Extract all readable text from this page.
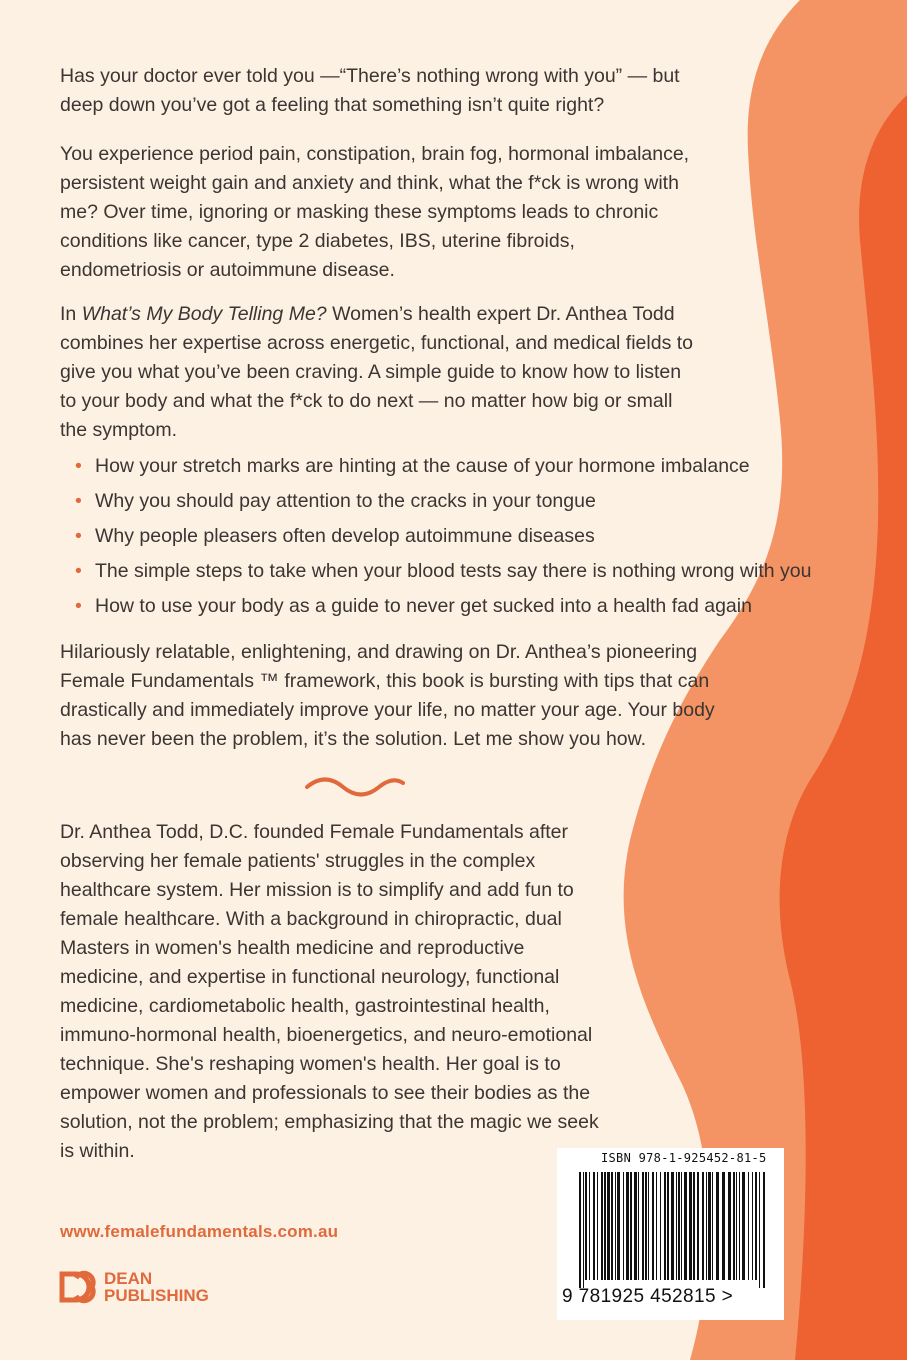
Has your doctor ever told you —“There’s nothing wrong with you” — but deep down you’ve got a feeling that something isn’t quite right?

You experience period pain, constipation, brain fog, hormonal imbalance, persistent weight gain and anxiety and think, what the f*ck is wrong with me? Over time, ignoring or masking these symptoms leads to chronic conditions like cancer, type 2 diabetes, IBS, uterine fibroids, endometriosis or autoimmune disease.

In What’s My Body Telling Me? Women’s health expert Dr. Anthea Todd combines her expertise across energetic, functional, and medical fields to give you what you’ve been craving. A simple guide to know how to listen to your body and what the f*ck to do next — no matter how big or small the symptom.

• How your stretch marks are hinting at the cause of your hormone imbalance
• Why you should pay attention to the cracks in your tongue
• Why people pleasers often develop autoimmune diseases
• The simple steps to take when your blood tests say there is nothing wrong with you
• How to use your body as a guide to never get sucked into a health fad again

Hilariously relatable, enlightening, and drawing on Dr. Anthea’s pioneering Female Fundamentals ™ framework, this book is bursting with tips that can drastically and immediately improve your life, no matter your age. Your body has never been the problem, it’s the solution. Let me show you how.

Dr. Anthea Todd, D.C. founded Female Fundamentals after observing her female patients' struggles in the complex healthcare system. Her mission is to simplify and add fun to female healthcare. With a background in chiropractic, dual Masters in women's health medicine and reproductive medicine, and expertise in functional neurology, functional medicine, cardiometabolic health, gastrointestinal health, immuno-hormonal health, bioenergetics, and neuro-emotional technique. She's reshaping women's health. Her goal is to empower women and professionals to see their bodies as the solution, not the problem; emphasizing that the magic we seek is within.

www.femalefundamentals.com.au
DEAN
PUBLISHING
ISBN 978-1-925452-81-5
9 781925 452815 >
